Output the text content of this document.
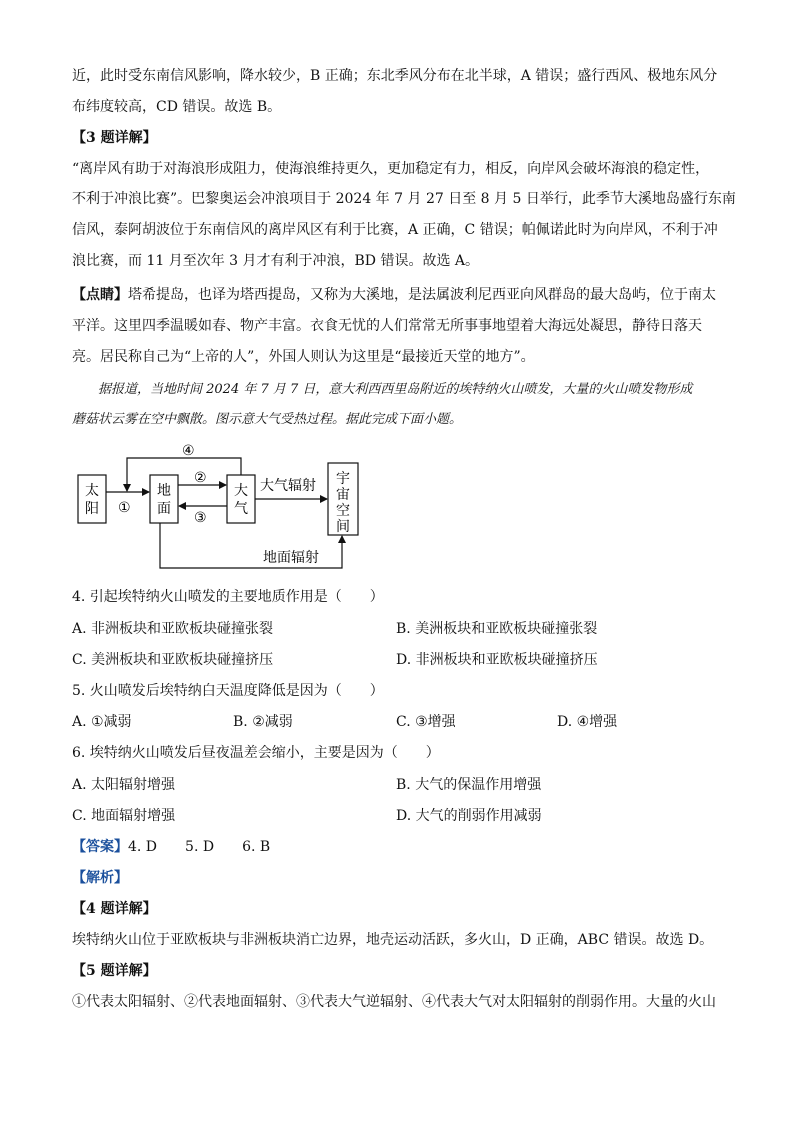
近，此时受东南信风影响，降水较少，B 正确；东北季风分布在北半球，A 错误；盛行西风、极地东风分
布纬度较高，CD 错误。故选 B。
【3 题详解】
“离岸风有助于对海浪形成阻力，使海浪维持更久，更加稳定有力，相反，向岸风会破坏海浪的稳定性，
不利于冲浪比赛”。巴黎奥运会冲浪项目于 2024 年 7 月 27 日至 8 月 5 日举行，此季节大溪地岛盛行东南
信风，泰阿胡波位于东南信风的离岸风区有利于比赛，A 正确，C 错误；帕佩诺此时为向岸风，不利于冲
浪比赛，而 11 月至次年 3 月才有利于冲浪，BD 错误。故选 A。
【点睛】塔希提岛，也译为塔西提岛，又称为大溪地，是法属波利尼西亚向风群岛的最大岛屿，位于南太
平洋。这里四季温暖如春、物产丰富。衣食无忧的人们常常无所事事地望着大海远处凝思，静待日落天
亮。居民称自己为“上帝的人”，外国人则认为这里是“最接近天堂的地方”。
据报道，当地时间 2024 年 7 月 7 日，意大利西西里岛附近的埃特纳火山喷发，大量的火山喷发物形成
蘑菇状云雾在空中飘散。图示意大气受热过程。据此完成下面小题。
太阳
地面
大气
宇宙空间
①
②
③
④
大气辐射
地面辐射
4. 引起埃特纳火山喷发的主要地质作用是（　　）
A. 非洲板块和亚欧板块碰撞张裂	B. 美洲板块和亚欧板块碰撞张裂
C. 美洲板块和亚欧板块碰撞挤压	D. 非洲板块和亚欧板块碰撞挤压
5. 火山喷发后埃特纳白天温度降低是因为（　　）
A. ①减弱	B. ②减弱	C. ③增强	D. ④增强
6. 埃特纳火山喷发后昼夜温差会缩小，主要是因为（　　）
A. 太阳辐射增强	B. 大气的保温作用增强
C. 地面辐射增强	D. 大气的削弱作用减弱
【答案】4. D　　5. D　　6. B
【解析】
【4 题详解】
埃特纳火山位于亚欧板块与非洲板块消亡边界，地壳运动活跃，多火山，D 正确，ABC 错误。故选 D。
【5 题详解】
①代表太阳辐射、②代表地面辐射、③代表大气逆辐射、④代表大气对太阳辐射的削弱作用。大量的火山
